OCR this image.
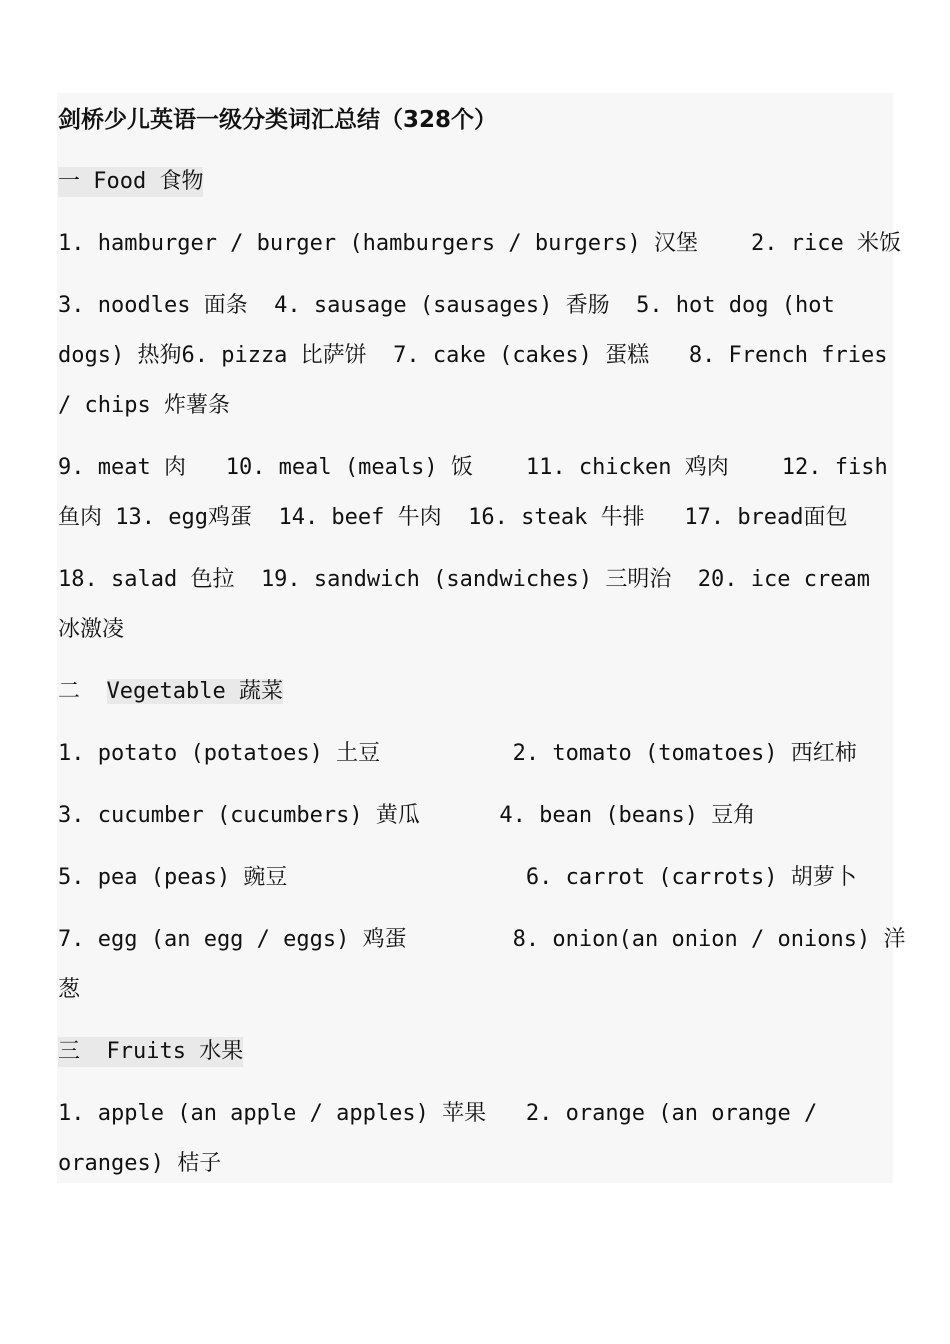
剑桥少儿英语一级分类词汇总结（328个）
一 Food 食物
1. hamburger / burger (hamburgers / burgers) 汉堡    2. rice 米饭
3. noodles 面条  4. sausage (sausages) 香肠  5. hot dog (hot
dogs) 热狗6. pizza 比萨饼  7. cake (cakes) 蛋糕   8. French fries
/ chips 炸薯条
9. meat 肉   10. meal (meals) 饭    11. chicken 鸡肉    12. fish
鱼肉 13. egg鸡蛋  14. beef 牛肉  16. steak 牛排   17. bread面包
18. salad 色拉  19. sandwich (sandwiches) 三明治  20. ice cream
冰激凌
二  Vegetable 蔬菜
1. potato (potatoes) 土豆          2. tomato (tomatoes) 西红柿
3. cucumber (cucumbers) 黄瓜      4. bean (beans) 豆角
5. pea (peas) 豌豆                  6. carrot (carrots) 胡萝卜
7. egg (an egg / eggs) 鸡蛋        8. onion(an onion / onions) 洋
葱
三  Fruits 水果
1. apple (an apple / apples) 苹果   2. orange (an orange /
oranges) 桔子
